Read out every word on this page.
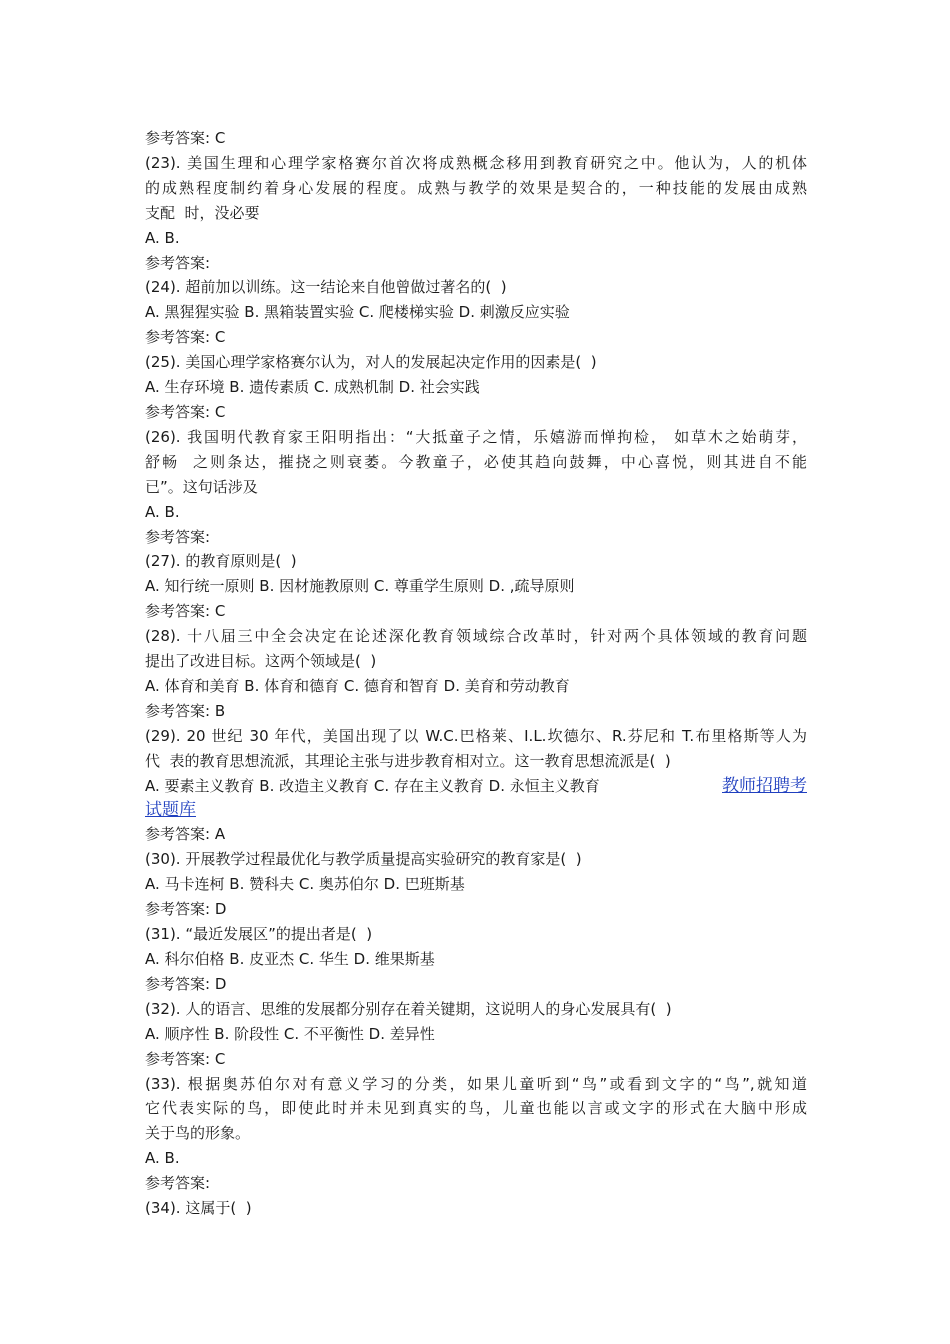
参考答案: C
(23). 美国生理和心理学家格赛尔首次将成熟概念移用到教育研究之中。他认为，人的机体
的成熟程度制约着身心发展的程度。成熟与教学的效果是契合的，一种技能的发展由成熟
支配  时，没必要
A. B.
参考答案:
(24). 超前加以训练。这一结论来自他曾做过著名的(  )
A. 黑猩猩实验 B. 黑箱装置实验 C. 爬楼梯实验 D. 刺激反应实验
参考答案: C
(25). 美国心理学家格赛尔认为，对人的发展起决定作用的因素是(  )
A. 生存环境 B. 遗传素质 C. 成熟机制 D. 社会实践
参考答案: C
(26). 我国明代教育家王阳明指出：“大抵童子之情，乐嬉游而惮拘检， 如草木之始萌芽，
舒畅  之则条达，摧挠之则衰萎。今教童子，必使其趋向鼓舞，中心喜悦，则其进自不能
已”。这句话涉及
A. B.
参考答案:
(27). 的教育原则是(  )
A. 知行统一原则 B. 因材施教原则 C. 尊重学生原则 D. ,疏导原则
参考答案: C
(28). 十八届三中全会决定在论述深化教育领域综合改革时，针对两个具体领域的教育问题
提出了改进目标。这两个领域是(  )
A. 体育和美育 B. 体育和德育 C. 德育和智育 D. 美育和劳动教育
参考答案: B
(29). 20 世纪 30 年代，美国出现了以 W.C.巴格莱、I.L.坎德尔、R.芬尼和 T.布里格斯等人为
代  表的教育思想流派，其理论主张与进步教育相对立。这一教育思想流派是(  )
A. 要素主义教育 B. 改造主义教育 C. 存在主义教育 D. 永恒主义教育	教师招聘考
试题库
参考答案: A
(30). 开展教学过程最优化与教学质量提高实验研究的教育家是(  )
A. 马卡连柯 B. 赞科夫 C. 奥苏伯尔 D. 巴班斯基
参考答案: D
(31). “最近发展区”的提出者是(  )
A. 科尔伯格 B. 皮亚杰 C. 华生 D. 维果斯基
参考答案: D
(32). 人的语言、思维的发展都分别存在着关键期，这说明人的身心发展具有(  )
A. 顺序性 B. 阶段性 C. 不平衡性 D. 差异性
参考答案: C
(33). 根据奥苏伯尔对有意义学习的分类，如果儿童听到“鸟”或看到文字的“鸟”,就知道
它代表实际的鸟，即使此时并未见到真实的鸟，儿童也能以言或文字的形式在大脑中形成
关于鸟的形象。
A. B.
参考答案:
(34). 这属于(  )
